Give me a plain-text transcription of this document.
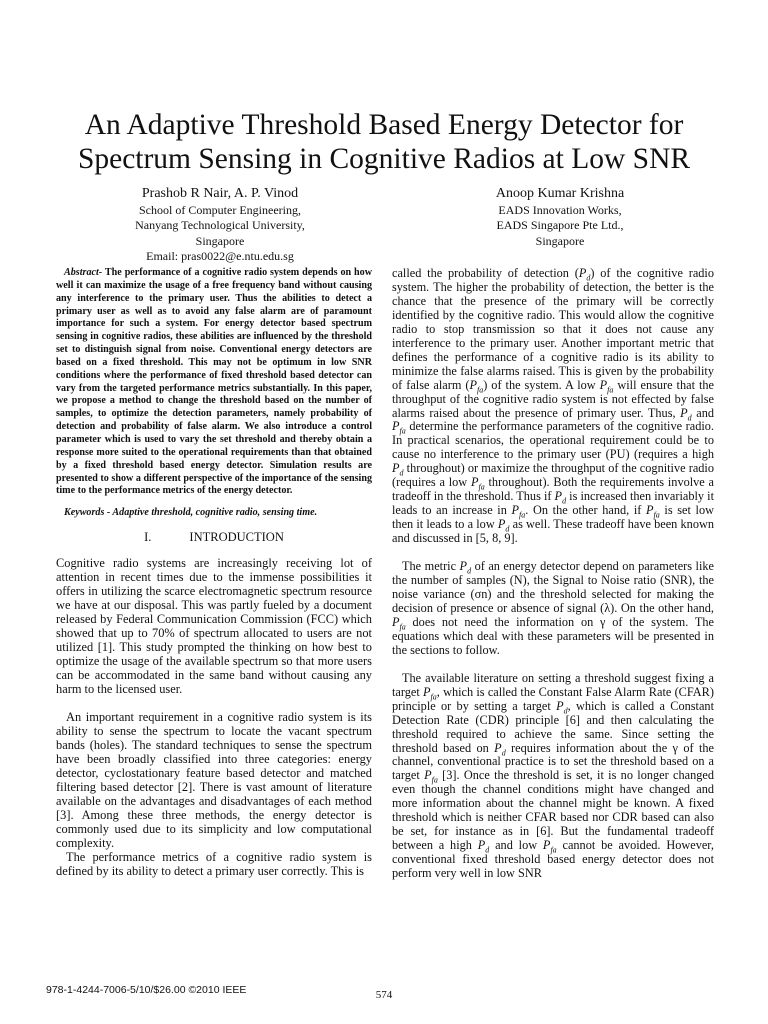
An Adaptive Threshold Based Energy Detector for
Spectrum Sensing in Cognitive Radios at Low SNR
Prashob R Nair, A. P. Vinod
School of Computer Engineering,
Nanyang Technological University,
Singapore
Email: pras0022@e.ntu.edu.sg
Anoop Kumar Krishna
EADS Innovation Works,
EADS Singapore Pte Ltd.,
Singapore

Abstract- The performance of a cognitive radio system depends on how well it can maximize the usage of a free frequency band without causing any interference to the primary user. Thus the abilities to detect a primary user as well as to avoid any false alarm are of paramount importance for such a system. For energy detector based spectrum sensing in cognitive radios, these abilities are influenced by the threshold set to distinguish signal from noise. Conventional energy detectors are based on a fixed threshold. This may not be optimum in low SNR conditions where the performance of fixed threshold based detector can vary from the targeted performance metrics substantially. In this paper, we propose a method to change the threshold based on the number of samples, to optimize the detection parameters, namely probability of detection and probability of false alarm. We also introduce a control parameter which is used to vary the set threshold and thereby obtain a response more suited to the operational requirements than that obtained by a fixed threshold based energy detector. Simulation results are presented to show a different perspective of the importance of the sensing time to the performance metrics of the energy detector.

Keywords - Adaptive threshold, cognitive radio, sensing time.

I.	INTRODUCTION

Cognitive radio systems are increasingly receiving lot of attention in recent times due to the immense possibilities it offers in utilizing the scarce electromagnetic spectrum resource we have at our disposal. This was partly fueled by a document released by Federal Communication Commission (FCC) which showed that up to 70% of spectrum allocated to users are not utilized [1]. This study prompted the thinking on how best to optimize the usage of the available spectrum so that more users can be accommodated in the same band without causing any harm to the licensed user.

An important requirement in a cognitive radio system is its ability to sense the spectrum to locate the vacant spectrum bands (holes). The standard techniques to sense the spectrum have been broadly classified into three categories: energy detector, cyclostationary feature based detector and matched filtering based detector [2]. There is vast amount of literature available on the advantages and disadvantages of each method [3]. Among these three methods, the energy detector is commonly used due to its simplicity and low computational complexity.

The performance metrics of a cognitive radio system is defined by its ability to detect a primary user correctly. This is

called the probability of detection $(P_d)$ of the cognitive radio system. The higher the probability of detection, the better is the chance that the presence of the primary will be correctly identified by the cognitive radio. This would allow the cognitive radio to stop transmission so that it does not cause any interference to the primary user. Another important metric that defines the performance of a cognitive radio is its ability to minimize the false alarms raised. This is given by the probability of false alarm $(P_{fa})$ of the system. A low $P_{fa}$ will ensure that the throughput of the cognitive radio system is not effected by false alarms raised about the presence of primary user. Thus, $P_d$ and $P_{fa}$ determine the performance parameters of the cognitive radio. In practical scenarios, the operational requirement could be to cause no interference to the primary user (PU) (requires a high $P_d$ throughout) or maximize the throughput of the cognitive radio (requires a low $P_{fa}$ throughout). Both the requirements involve a tradeoff in the threshold. Thus if $P_d$ is increased then invariably it leads to an increase in $P_{fa}$. On the other hand, if $P_{fa}$ is set low then it leads to a low $P_d$ as well. These tradeoff have been known and discussed in [5, 8, 9].

The metric $P_d$ of an energy detector depend on parameters like the number of samples (N), the Signal to Noise ratio (SNR), the noise variance (σn) and the threshold selected for making the decision of presence or absence of signal (λ). On the other hand, $P_{fa}$ does not need the information on γ of the system. The equations which deal with these parameters will be presented in the sections to follow.

The available literature on setting a threshold suggest fixing a target $P_{fa}$, which is called the Constant False Alarm Rate (CFAR) principle or by setting a target $P_d$, which is called a Constant Detection Rate (CDR) principle [6] and then calculating the threshold required to achieve the same. Since setting the threshold based on $P_d$ requires information about the γ of the channel, conventional practice is to set the threshold based on a target $P_{fa}$ [3]. Once the threshold is set, it is no longer changed even though the channel conditions might have changed and more information about the channel might be known. A fixed threshold which is neither CFAR based nor CDR based can also be set, for instance as in [6]. But the fundamental tradeoff between a high $P_d$ and low $P_{fa}$ cannot be avoided. However, conventional fixed threshold based energy detector does not perform very well in low SNR

978-1-4244-7006-5/10/$26.00 ©2010 IEEE	574
